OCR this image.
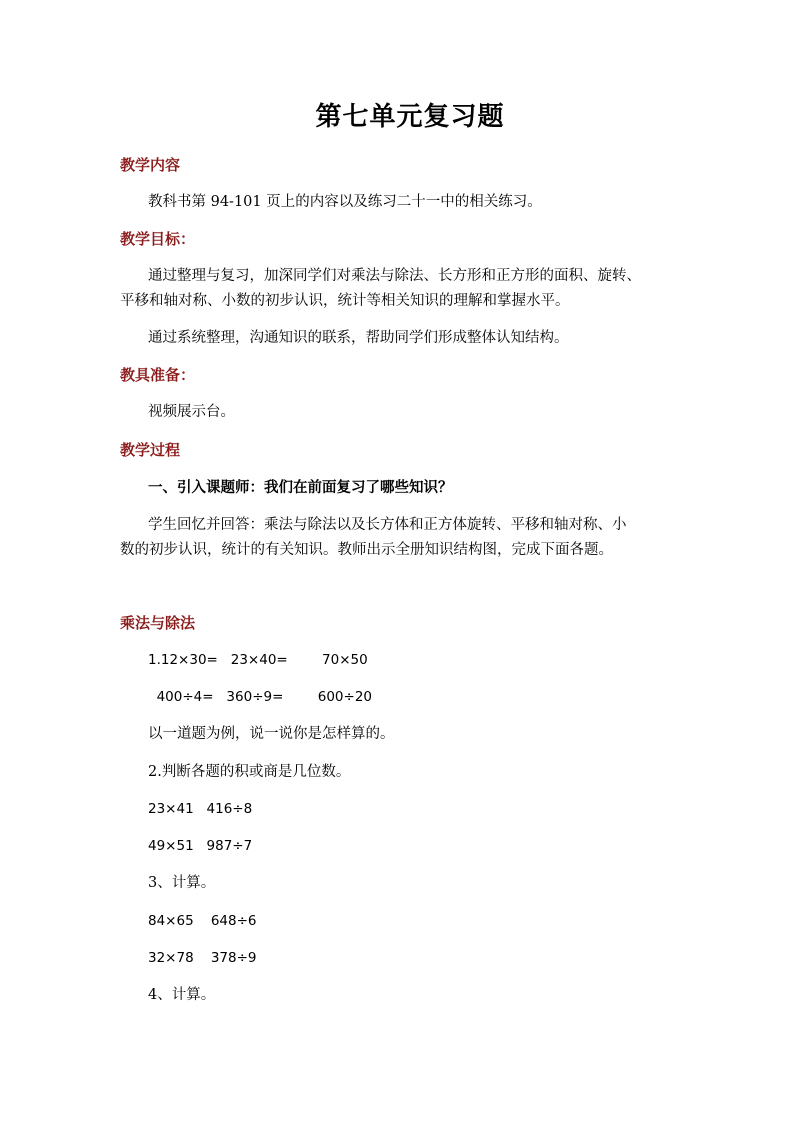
第七单元复习题
教学内容
教科书第 94-101 页上的内容以及练习二十一中的相关练习。
教学目标：
通过整理与复习，加深同学们对乘法与除法、长方形和正方形的面积、旋转、
平移和轴对称、小数的初步认识，统计等相关知识的理解和掌握水平。
通过系统整理，沟通知识的联系，帮助同学们形成整体认知结构。
教具准备：
视频展示台。
教学过程
一、引入课题师：我们在前面复习了哪些知识？
学生回忆并回答：乘法与除法以及长方体和正方体旋转、平移和轴对称、小
数的初步认识，统计的有关知识。教师出示全册知识结构图，完成下面各题。
乘法与除法
1.12×30=   23×40=        70×50
400÷4=   360÷9=        600÷20
以一道题为例，说一说你是怎样算的。
2.判断各题的积或商是几位数。
23×41   416÷8
49×51   987÷7
3、计算。
84×65    648÷6
32×78    378÷9
4、计算。
